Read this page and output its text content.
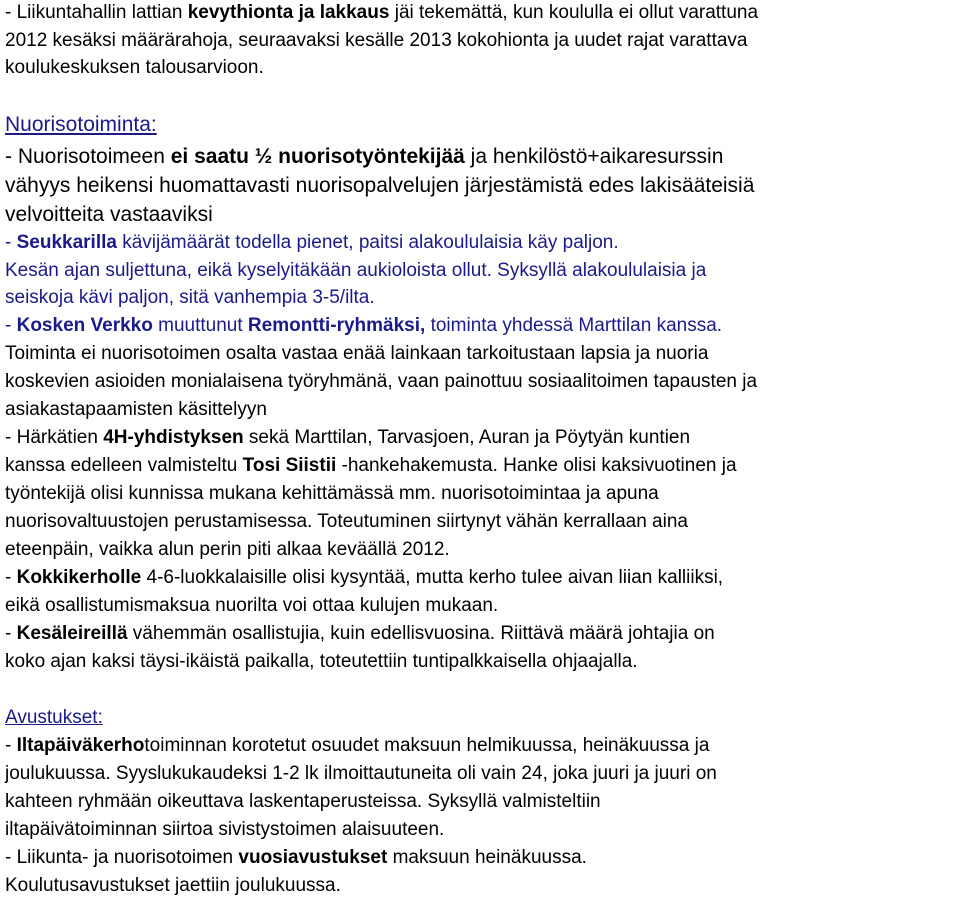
- Liikuntahallin lattian kevythionta ja lakkaus jäi tekemättä, kun koululla ei ollut varattuna
2012 kesäksi määrärahoja, seuraavaksi kesälle 2013 kokohionta ja uudet rajat varattava
koulukeskuksen talousarvioon.
Nuorisotoiminta:
- Nuorisotoimeen ei saatu ½ nuorisotyöntekijää ja henkilöstö+aikaresurssin
vähyys heikensi huomattavasti nuorisopalvelujen järjestämistä edes lakisääteisiä
velvoitteita vastaaviksi
- Seukkarilla kävijämäärät todella pienet, paitsi alakoululaisia käy paljon.
Kesän ajan suljettuna, eikä kyselyitäkään aukioloista ollut. Syksyllä alakoululaisia ja
seiskoja kävi paljon, sitä vanhempia 3-5/ilta.
- Kosken Verkko muuttunut Remontti-ryhmäksi, toiminta yhdessä Marttilan kanssa.
Toiminta ei nuorisotoimen osalta vastaa enää lainkaan tarkoitustaan lapsia ja nuoria
koskevien asioiden monialaisena työryhmänä, vaan painottuu sosiaalitoimen tapausten ja
asiakastapaamisten käsittelyyn
- Härkätien 4H-yhdistyksen sekä Marttilan, Tarvasjoen, Auran ja Pöytyän kuntien
kanssa edelleen valmisteltu Tosi Siistii -hankehakemusta. Hanke olisi kaksivuotinen ja
työntekijä olisi kunnissa mukana kehittämässä mm. nuorisotoimintaa ja apuna
nuorisovaltuustojen perustamisessa. Toteutuminen siirtynyt vähän kerrallaan aina
eteenpäin, vaikka alun perin piti alkaa keväällä 2012.
- Kokkikerholle 4-6-luokkalaisille olisi kysyntää, mutta kerho tulee aivan liian kalliiksi,
eikä osallistumismaksua nuorilta voi ottaa kulujen mukaan.
- Kesäleireillä vähemmän osallistujia, kuin edellisvuosina. Riittävä määrä johtajia on
koko ajan kaksi täysi-ikäistä paikalla, toteutettiin tuntipalkkaisella ohjaajalla.
Avustukset:
- Iltapäiväkerhotoiminnan korotetut osuudet maksuun helmikuussa, heinäkuussa ja
joulukuussa. Syyslukukaudeksi 1-2 lk ilmoittautuneita oli vain 24, joka juuri ja juuri on
kahteen ryhmään oikeuttava laskentaperusteissa. Syksyllä valmisteltiin
iltapäivätoiminnan siirtoa sivistystoimen alaisuuteen.
- Liikunta- ja nuorisotoimen vuosiavustukset maksuun heinäkuussa.
Koulutusavustukset jaettiin joulukuussa.
